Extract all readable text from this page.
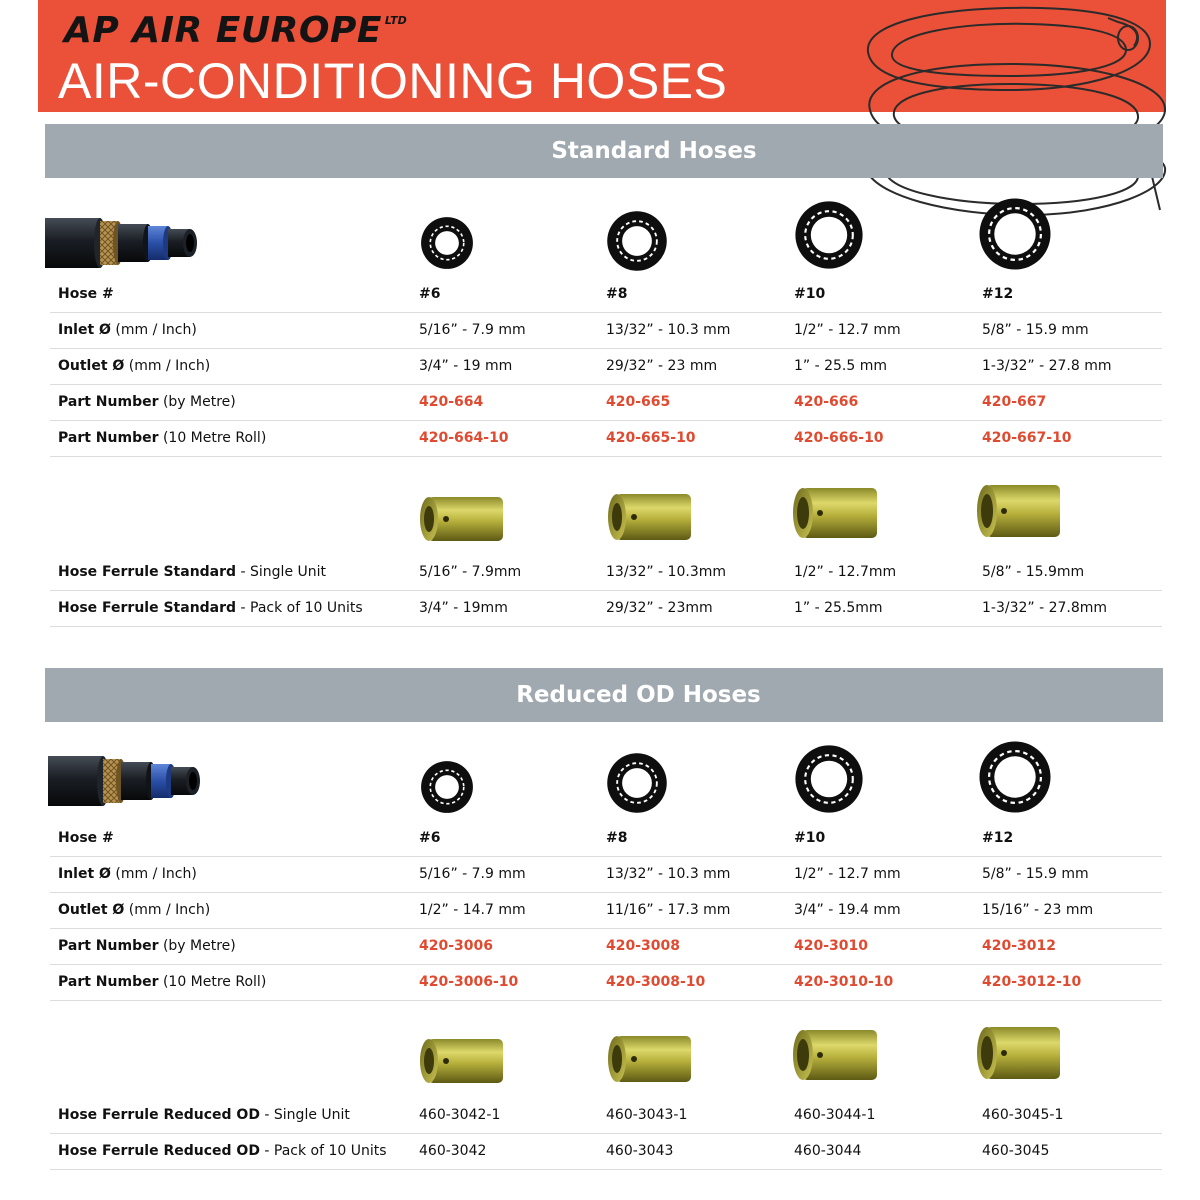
AP AIR EUROPE $^{LTD}$
AIR-CONDITIONING HOSES
Standard Hoses
Reduced OD Hoses
Hose #	#6	#8	#10	#12
Inlet Ø (mm / Inch)	5/16” - 7.9 mm	13/32” - 10.3 mm	1/2” - 12.7 mm	5/8” - 15.9 mm
Outlet Ø (mm / Inch)	3/4” - 19 mm	29/32” - 23 mm	1” - 25.5 mm	1-3/32” - 27.8 mm
Part Number (by Metre)	420-664	420-665	420-666	420-667
Part Number (10 Metre Roll)	420-664-10	420-665-10	420-666-10	420-667-10
Hose Ferrule Standard - Single Unit	5/16” - 7.9mm	13/32” - 10.3mm	1/2” - 12.7mm	5/8” - 15.9mm
Hose Ferrule Standard - Pack of 10 Units	3/4” - 19mm	29/32” - 23mm	1” - 25.5mm	1-3/32” - 27.8mm
Hose #	#6	#8	#10	#12
Inlet Ø (mm / Inch)	5/16” - 7.9 mm	13/32” - 10.3 mm	1/2” - 12.7 mm	5/8” - 15.9 mm
Outlet Ø (mm / Inch)	1/2” - 14.7 mm	11/16” - 17.3 mm	3/4” - 19.4 mm	15/16” - 23 mm
Part Number (by Metre)	420-3006	420-3008	420-3010	420-3012
Part Number (10 Metre Roll)	420-3006-10	420-3008-10	420-3010-10	420-3012-10
Hose Ferrule Reduced OD - Single Unit	460-3042-1	460-3043-1	460-3044-1	460-3045-1
Hose Ferrule Reduced OD - Pack of 10 Units 460-3042	460-3043	460-3044	460-3045
